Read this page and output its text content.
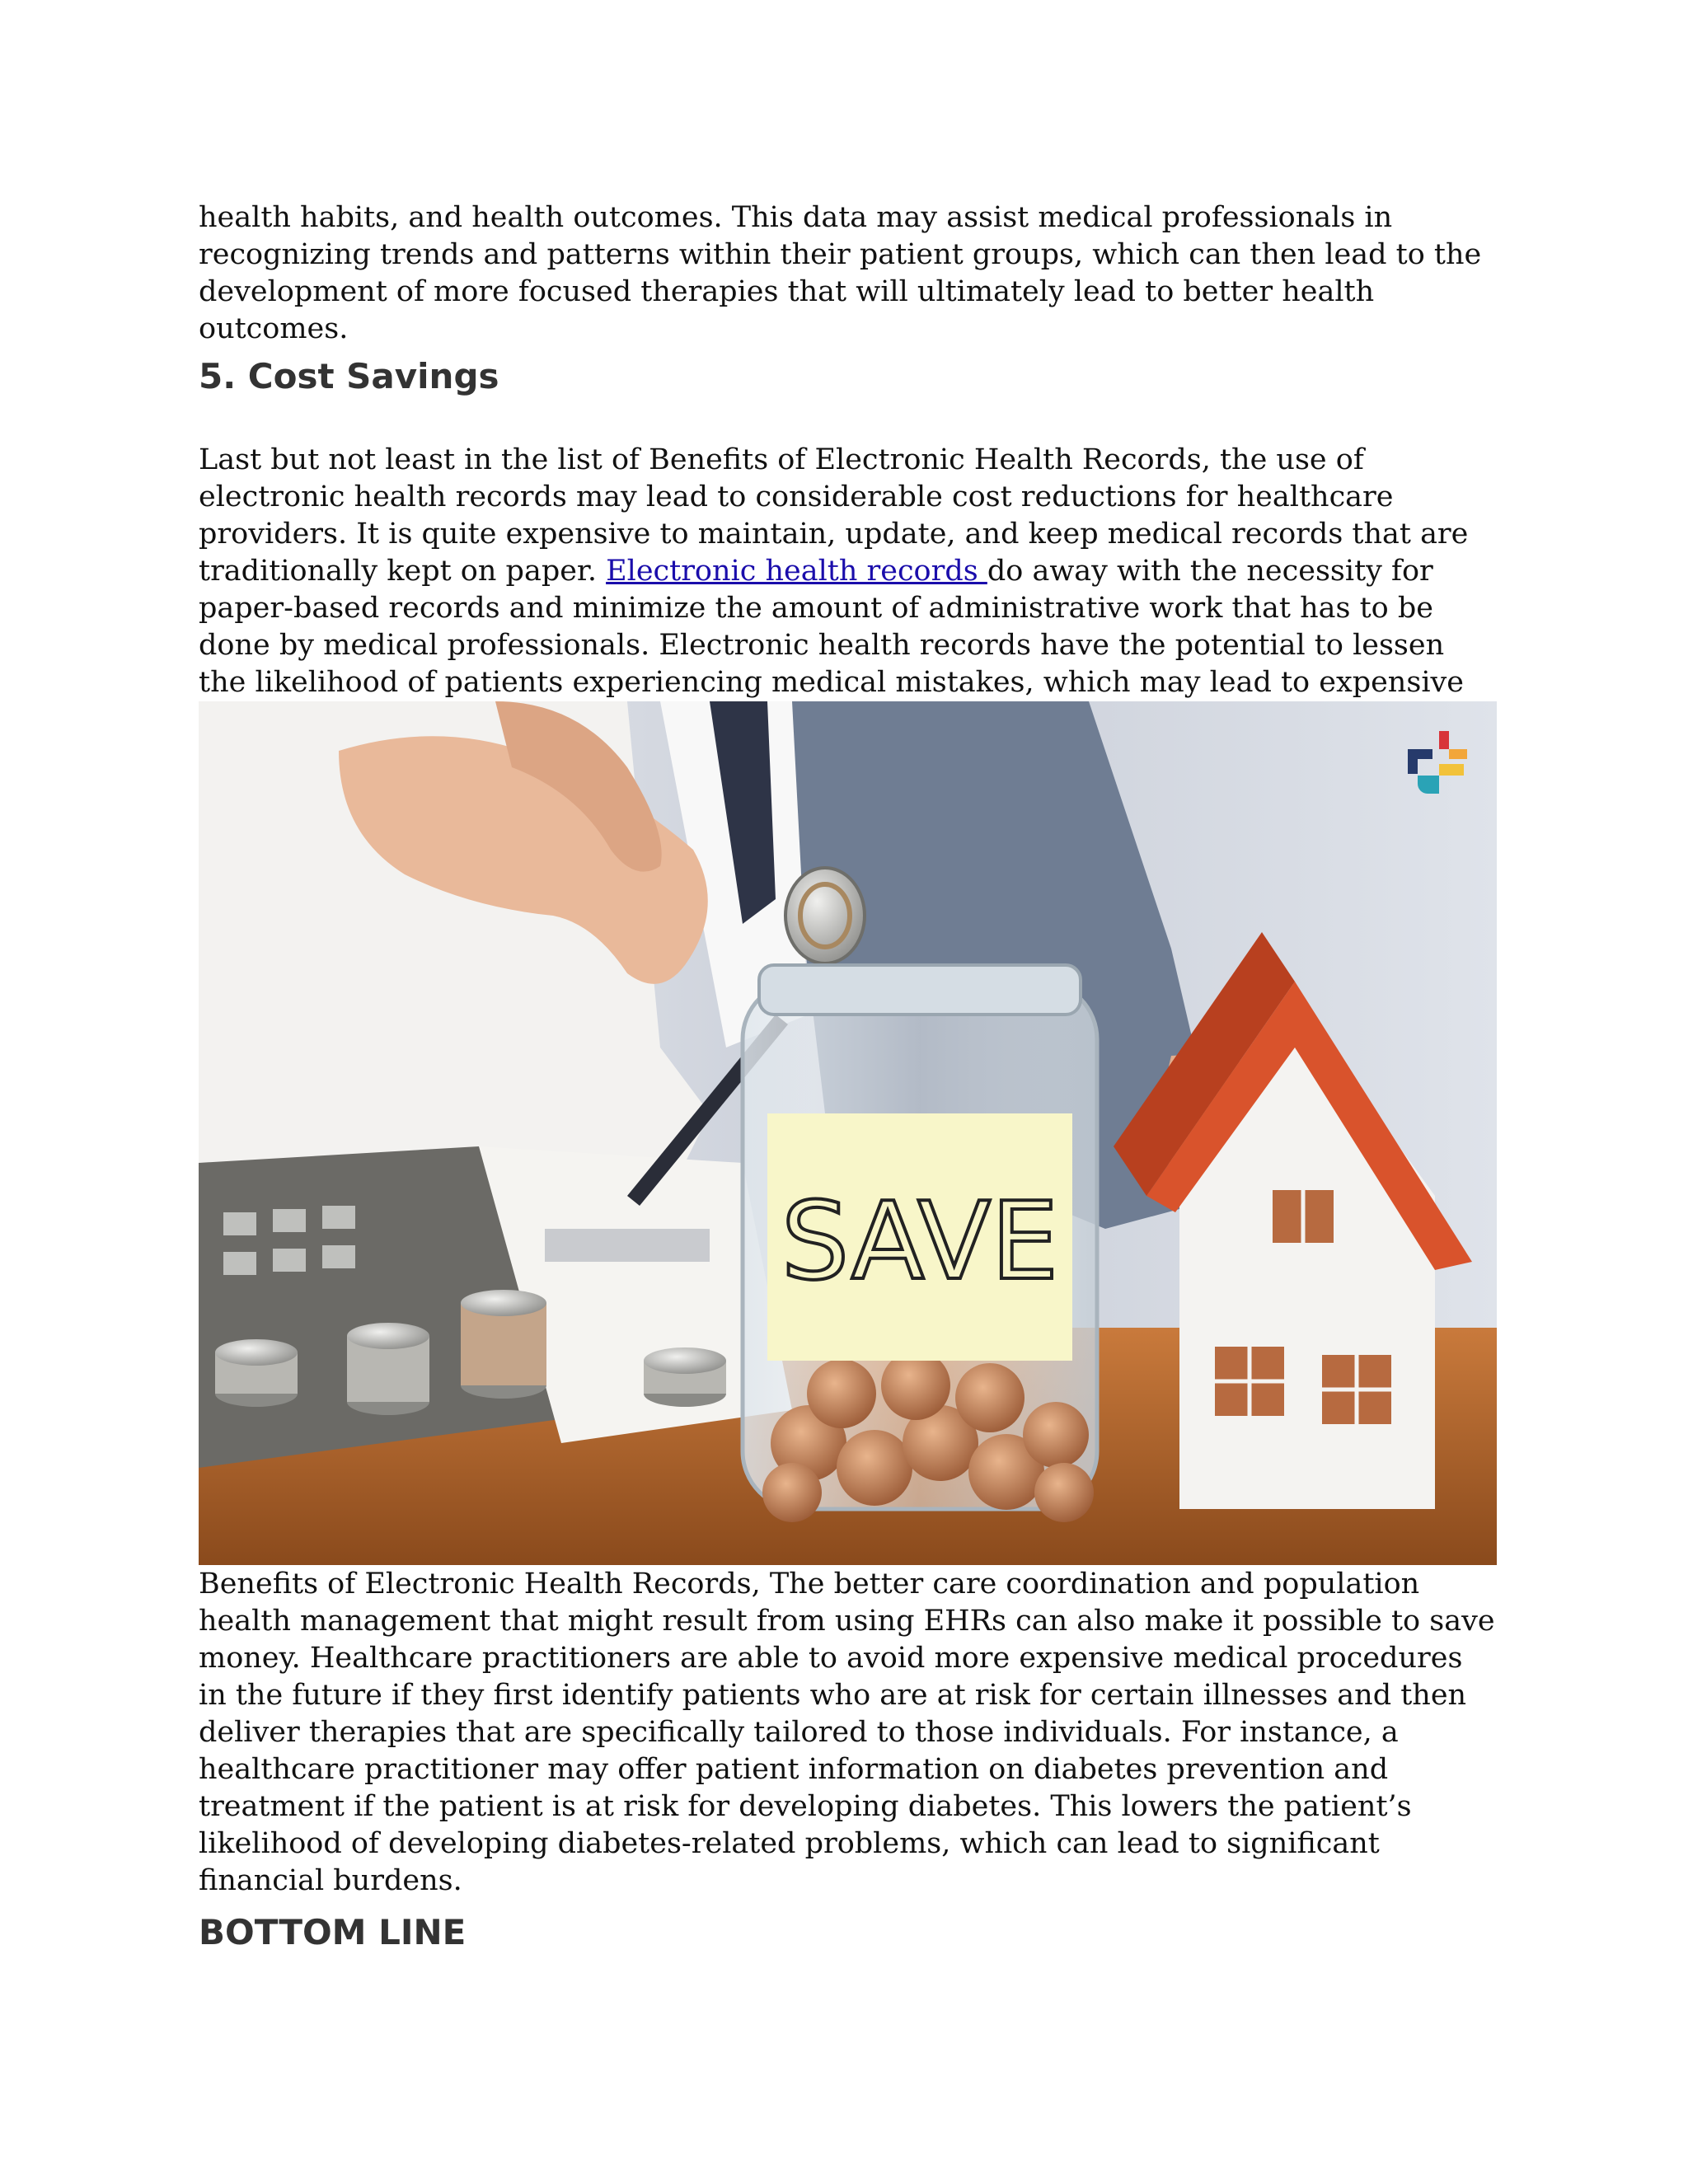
health habits, and health outcomes. This data may assist medical professionals in recognizing trends and patterns within their patient groups, which can then lead to the development of more focused therapies that will ultimately lead to better health outcomes.

5. Cost Savings

Last but not least in the list of Benefits of Electronic Health Records, the use of electronic health records may lead to considerable cost reductions for healthcare providers. It is quite expensive to maintain, update, and keep medical records that are traditionally kept on paper. Electronic health records do away with the necessity for paper-based records and minimize the amount of administrative work that has to be done by medical professionals. Electronic health records have the potential to lessen the likelihood of patients experiencing medical mistakes, which may lead to expensive

SAVE

Benefits of Electronic Health Records, The better care coordination and population health management that might result from using EHRs can also make it possible to save money. Healthcare practitioners are able to avoid more expensive medical procedures in the future if they first identify patients who are at risk for certain illnesses and then deliver therapies that are specifically tailored to those individuals. For instance, a healthcare practitioner may offer patient information on diabetes prevention and treatment if the patient is at risk for developing diabetes. This lowers the patient’s likelihood of developing diabetes-related problems, which can lead to significant financial burdens.

BOTTOM LINE
